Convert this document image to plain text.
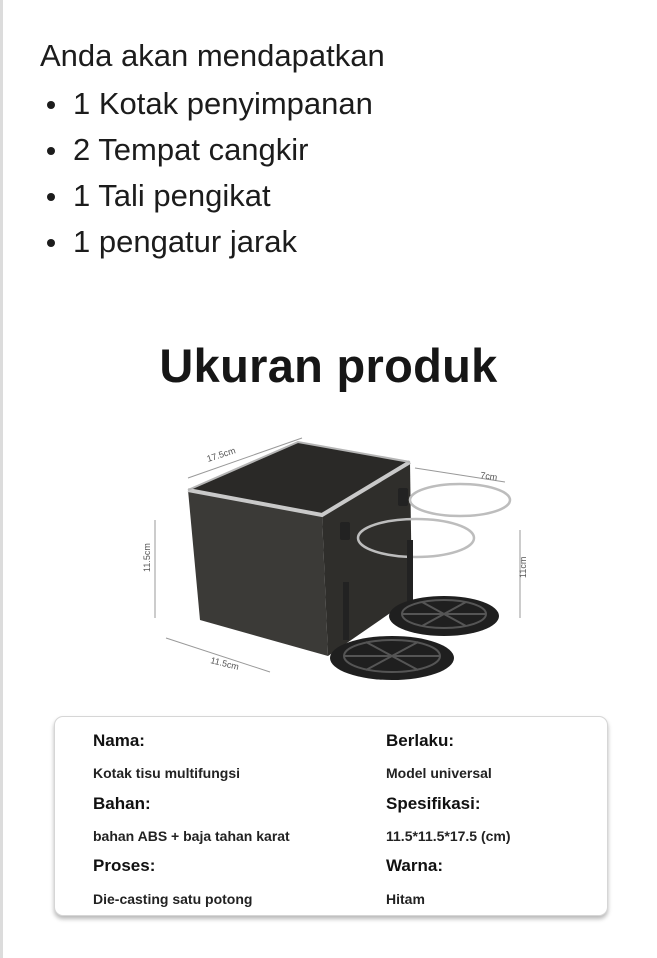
Anda akan mendapatkan
1 Kotak penyimpanan
2 Tempat cangkir
1 Tali pengikat
1 pengatur jarak
Ukuran produk
17.5cm
11.5cm
11.5cm
7cm
11cm
Nama:
Kotak tisu multifungsi
Bahan:
bahan ABS + baja tahan karat
Proses:
Die-casting satu potong
Berlaku:
Model universal
Spesifikasi:
11.5*11.5*17.5 (cm)
Warna:
Hitam
